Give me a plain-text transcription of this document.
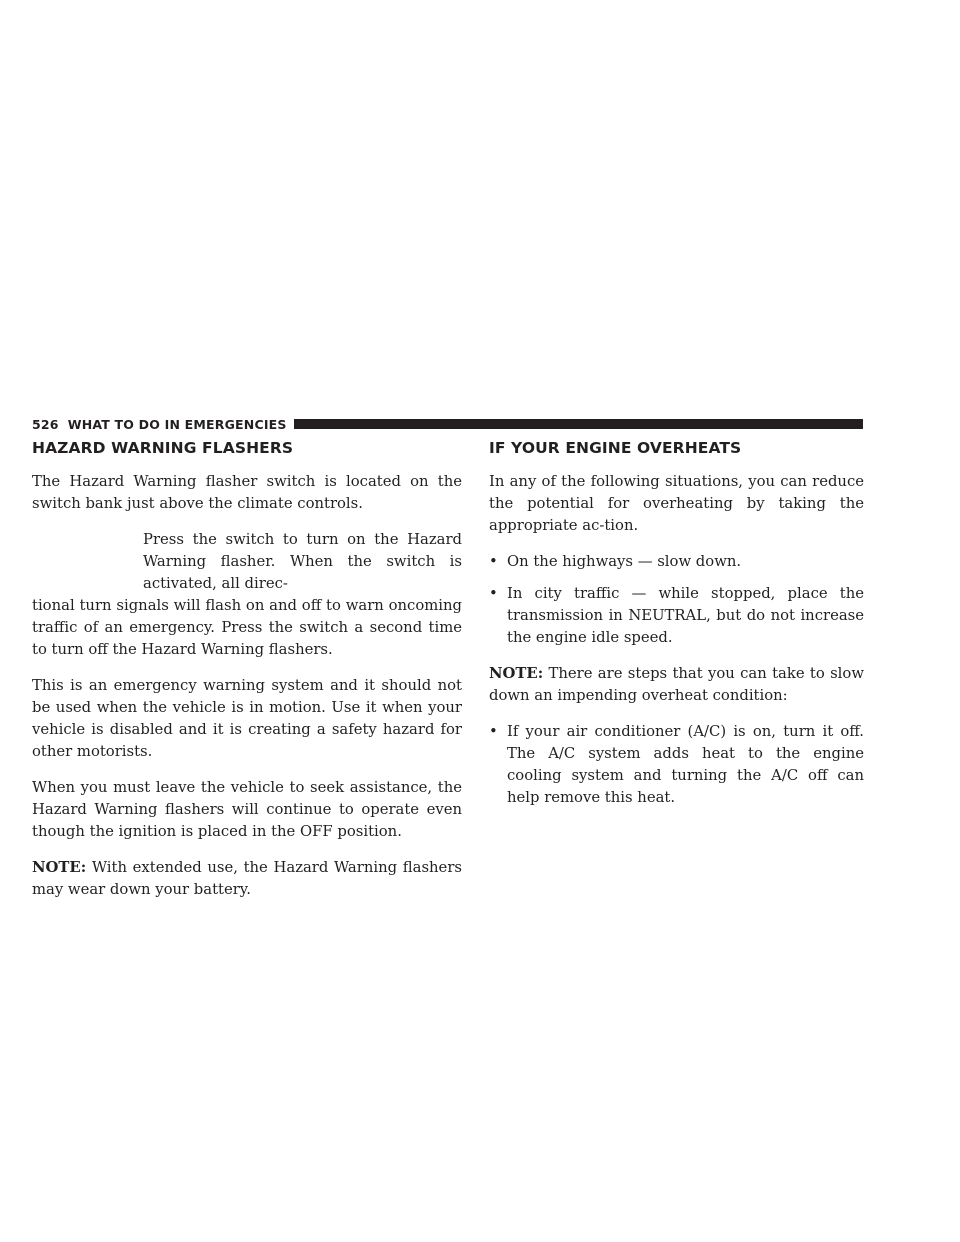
526 WHAT TO DO IN EMERGENCIES
HAZARD WARNING FLASHERS

The Hazard Warning flasher switch is located on the switch bank just above the climate controls.

Press the switch to turn on the Hazard Warning flasher. When the switch is activated, all direc-

tional turn signals will flash on and off to warn oncoming traffic of an emergency. Press the switch a second time to turn off the Hazard Warning flashers.

This is an emergency warning system and it should not be used when the vehicle is in motion. Use it when your vehicle is disabled and it is creating a safety hazard for other motorists.

When you must leave the vehicle to seek assistance, the Hazard Warning flashers will continue to operate even though the ignition is placed in the OFF position.

NOTE: With extended use, the Hazard Warning flashers may wear down your battery.

IF YOUR ENGINE OVERHEATS

In any of the following situations, you can reduce the potential for overheating by taking the appropriate ac-tion.

• On the highways — slow down.
• In city traffic — while stopped, place the transmission in NEUTRAL, but do not increase the engine idle speed.

NOTE: There are steps that you can take to slow down an impending overheat condition:

• If your air conditioner (A/C) is on, turn it off. The A/C system adds heat to the engine cooling system and turning the A/C off can help remove this heat.
